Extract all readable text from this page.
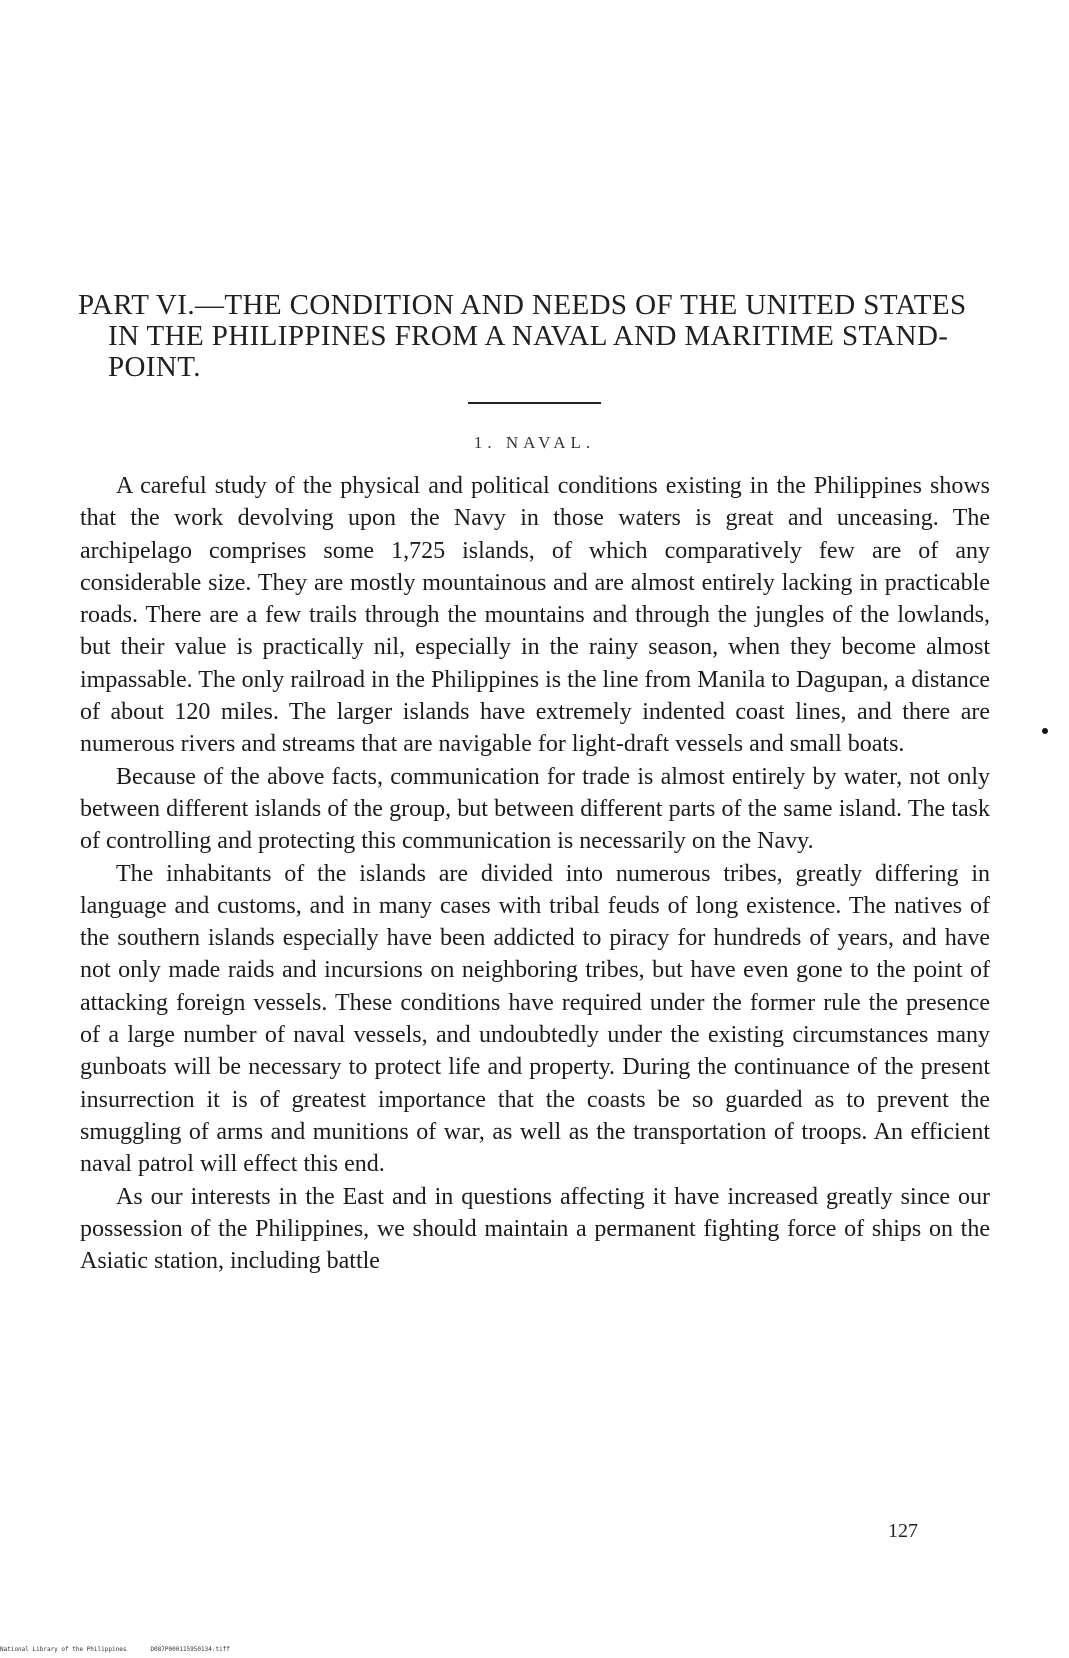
PART VI.—THE CONDITION AND NEEDS OF THE UNITED STATES
IN THE PHILIPPINES FROM A NAVAL AND MARITIME STAND-
POINT.
1. NAVAL.

A careful study of the physical and political conditions existing in the Philippines shows that the work devolving upon the Navy in those waters is great and unceasing. The archipelago comprises some 1,725 islands, of which comparatively few are of any considerable size. They are mostly mountainous and are almost entirely lacking in practicable roads. There are a few trails through the mountains and through the jungles of the lowlands, but their value is practically nil, especially in the rainy season, when they become almost impassable. The only railroad in the Philippines is the line from Manila to Dagupan, a distance of about 120 miles. The larger islands have extremely indented coast lines, and there are numerous rivers and streams that are navigable for light-draft vessels and small boats.

Because of the above facts, communication for trade is almost entirely by water, not only between different islands of the group, but between different parts of the same island. The task of controlling and protecting this communication is necessarily on the Navy.

The inhabitants of the islands are divided into numerous tribes, greatly differing in language and customs, and in many cases with tribal feuds of long existence. The natives of the southern islands especially have been addicted to piracy for hundreds of years, and have not only made raids and incursions on neighboring tribes, but have even gone to the point of attacking foreign vessels. These conditions have required under the former rule the presence of a large number of naval vessels, and undoubtedly under the existing circumstances many gunboats will be necessary to protect life and property. During the continuance of the present insurrection it is of greatest importance that the coasts be so guarded as to prevent the smuggling of arms and munitions of war, as well as the transportation of troops. An efficient naval patrol will effect this end.

As our interests in the East and in questions affecting it have increased greatly since our possession of the Philippines, we should maintain a permanent fighting force of ships on the Asiatic station, including battle

127
National Library of the Philippines	D087P000115950134.tiff
